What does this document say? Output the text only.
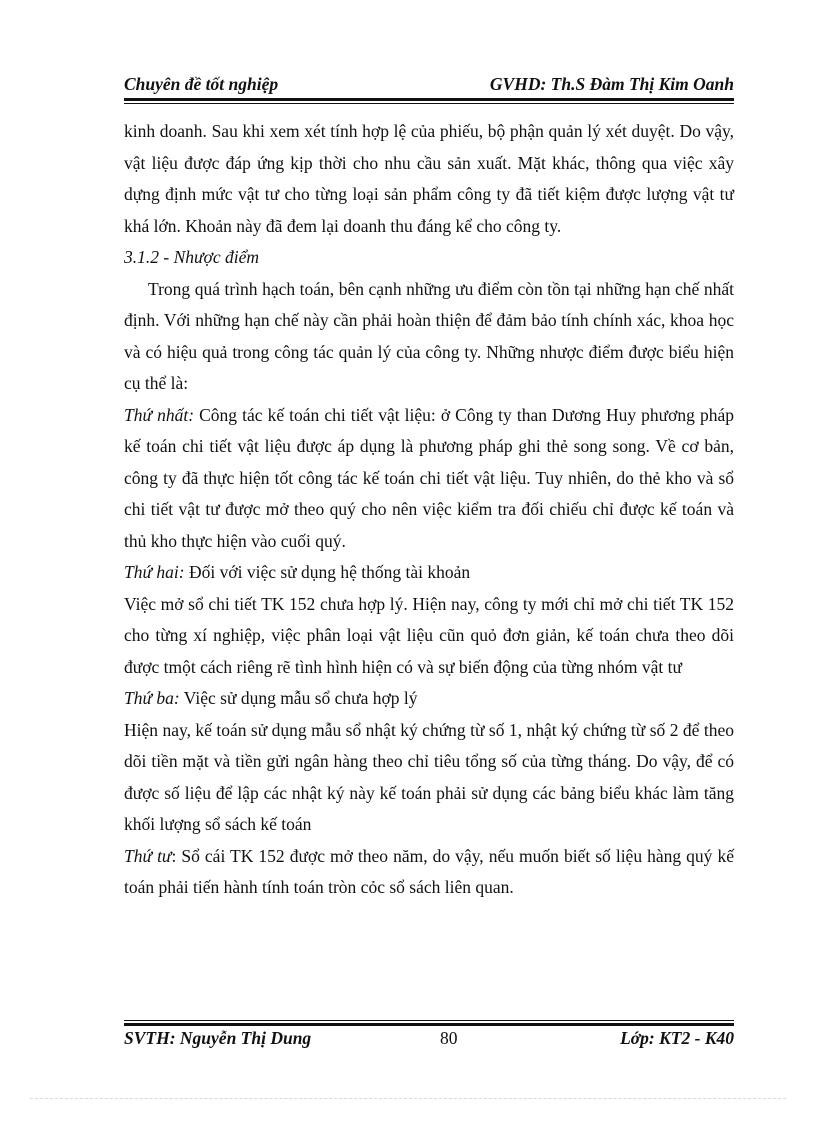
Chuyên đề tốt nghiệp	GVHD: Th.S Đàm Thị Kim Oanh

kinh doanh. Sau khi xem xét tính hợp lệ của phiếu, bộ phận quản lý xét duyệt. Do vậy, vật liệu được đáp ứng kịp thời cho nhu cầu sản xuất. Mặt khác, thông qua việc xây dựng định mức vật tư cho từng loại sản phẩm công ty đã tiết kiệm được lượng vật tư khá lớn. Khoản này đã đem lại doanh thu đáng kể cho công ty.

3.1.2 - Nhược điểm

Trong quá trình hạch toán, bên cạnh những ưu điểm còn tồn tại những hạn chế nhất định. Với những hạn chế này cần phải hoàn thiện để đảm bảo tính chính xác, khoa học và có hiệu quả trong công tác quản lý của công ty. Những nhược điểm được biểu hiện cụ thể là:

Thứ nhất: Công tác kế toán chi tiết vật liệu: ở Công ty than Dương Huy phương pháp kế toán chi tiết vật liệu được áp dụng là phương pháp ghi thẻ song song. Về cơ bản, công ty đã thực hiện tốt công tác kế toán chi tiết vật liệu. Tuy nhiên, do thẻ kho và sổ chi tiết vật tư được mở theo quý cho nên việc kiểm tra đối chiếu chỉ được kế toán và thủ kho thực hiện vào cuối quý.

Thứ hai: Đối với việc sử dụng hệ thống tài khoản

Việc mở sổ chi tiết TK 152 chưa hợp lý. Hiện nay, công ty mới chỉ mở chi tiết TK 152 cho từng xí nghiệp, việc phân loại vật liệu cũn quỏ đơn giản, kế toán chưa theo dõi được tmột cách riêng rẽ tình hình hiện có và sự biến động của từng nhóm vật tư

Thứ ba: Việc sử dụng mẫu sổ chưa hợp lý

Hiện nay, kế toán sử dụng mẫu sổ nhật ký chứng từ số 1, nhật ký chứng từ số 2 để theo dõi tiền mặt và tiền gửi ngân hàng theo chỉ tiêu tổng số của từng tháng. Do vậy, để có được số liệu để lập các nhật ký này kế toán phải sử dụng các bảng biểu khác làm tăng khối lượng sổ sách kế toán

Thứ tư: Sổ cái TK 152 được mở theo năm, do vậy, nếu muốn biết số liệu hàng quý kế toán phải tiến hành tính toán tròn cỏc sổ sách liên quan.

SVTH: Nguyễn Thị Dung	80	Lớp: KT2 - K40
